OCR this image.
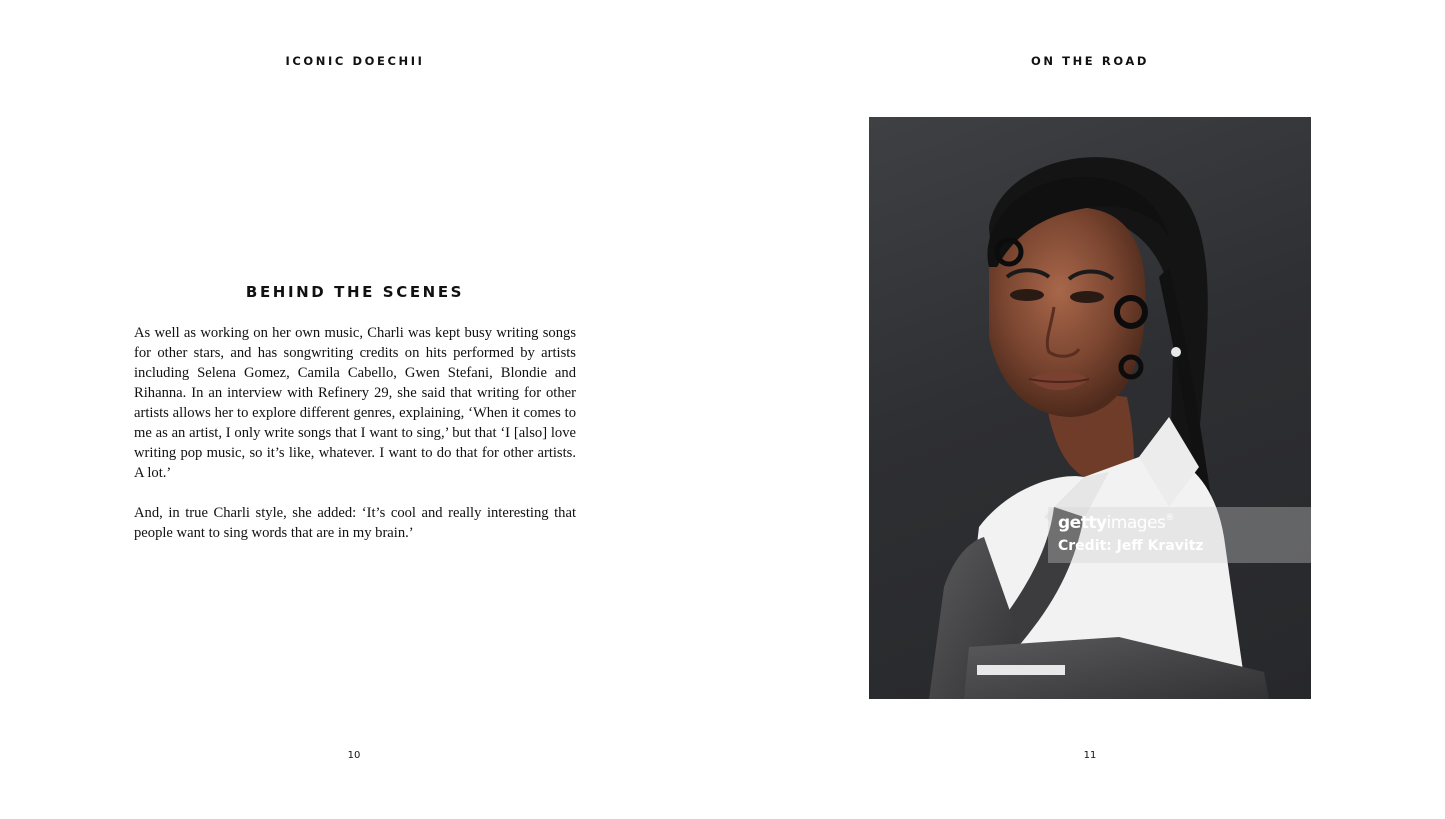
ICONIC DOECHII
BEHIND THE SCENES

As well as working on her own music, Charli was kept busy writing songs for other stars, and has songwriting credits on hits performed by artists including Selena Gomez, Camila Cabello, Gwen Stefani, Blondie and Rihanna. In an interview with Refinery 29, she said that writing for other artists allows her to explore different genres, explaining, ‘When it comes to me as an artist, I only write songs that I want to sing,’ but that ‘I [also] love writing pop music, so it’s like, whatever. I want to do that for other artists. A lot.’

And, in true Charli style, she added: ‘It’s cool and really interesting that people want to sing words that are in my brain.’

10
ON THE ROAD
gettyimages®
Credit: Jeff Kravitz
11
